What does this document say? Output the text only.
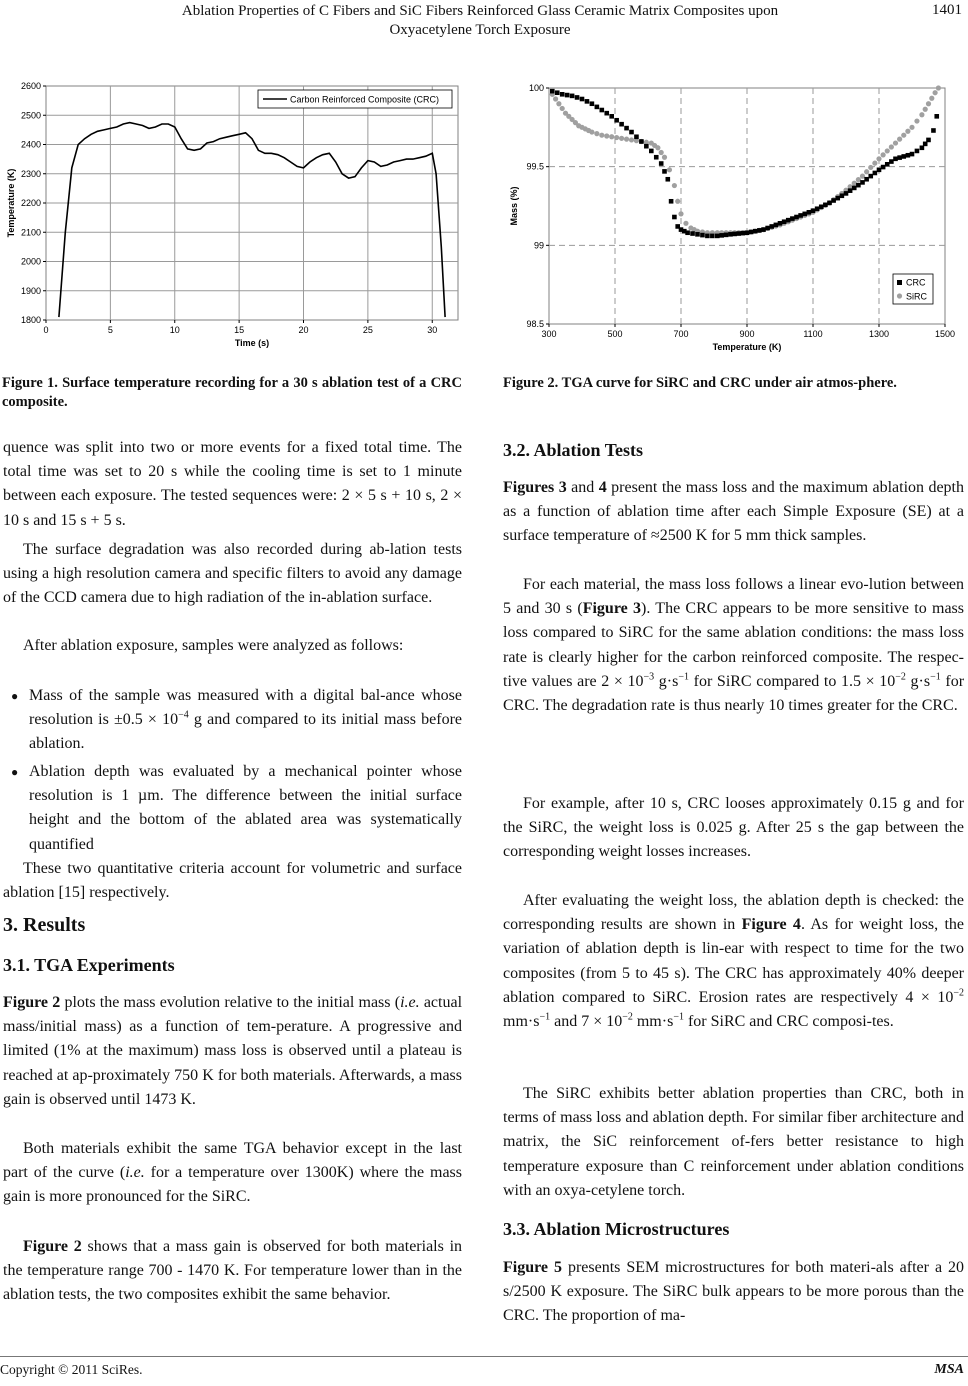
Ablation Properties of C Fibers and SiC Fibers Reinforced Glass Ceramic Matrix Composites upon
Oxyacetylene Torch Exposure
1401
1800
1900
2000
2100
2200
2300
2400
2500
2600
0	5	10	15	20	25	30
Time (s)
Temperature (K)
Carbon Reinforced Composite (CRC)
Figure 1. Surface temperature recording for a 30 s ablation test of a CRC composite.
98.5
99
99.5
100
300	500	700	900	1100	1300	1500
Temperature (K)
Mass (%)
CRC
SiRC
Figure 2. TGA curve for SiRC and CRC under air atmos-phere.
quence was split into two or more events for a fixed total time. The total time was set to 20 s while the cooling time is set to 1 minute between each exposure. The tested sequences were: 2 × 5 s + 10 s, 2 × 10 s and 15 s + 5 s.
The surface degradation was also recorded during ab-lation tests using a high resolution camera and specific filters to avoid any damage of the CCD camera due to high radiation of the in-ablation surface.
After ablation exposure, samples were analyzed as follows:
● Mass of the sample was measured with a digital bal-ance whose resolution is $\pm 0.5 \times 10^{-4}$ g and compared to its initial mass before ablation.
● Ablation depth was evaluated by a mechanical pointer whose resolution is 1 µm. The difference between the initial surface height and the bottom of the ablated area was systematically quantified
These two quantitative criteria account for volumetric and surface ablation [15] respectively.
3. Results
3.1. TGA Experiments
Figure 2 plots the mass evolution relative to the initial mass (i.e. actual mass/initial mass) as a function of tem-perature. A progressive and limited (1% at the maximum) mass loss is observed until a plateau is reached at ap-proximately 750 K for both materials. Afterwards, a mass gain is observed until 1473 K.
Both materials exhibit the same TGA behavior except in the last part of the curve (i.e. for a temperature over 1300K) where the mass gain is more pronounced for the SiRC.
Figure 2 shows that a mass gain is observed for both materials in the temperature range 700 - 1470 K. For temperature lower than in the ablation tests, the two composites exhibit the same behavior.
3.2. Ablation Tests
Figures 3 and 4 present the mass loss and the maximum ablation depth as a function of ablation time after each Simple Exposure (SE) at a surface temperature of ≈2500 K for 5 mm thick samples.
For each material, the mass loss follows a linear evo-lution between 5 and 30 s (Figure 3). The CRC appears to be more sensitive to mass loss compared to SiRC for the same ablation conditions: the mass loss rate is clearly higher for the carbon reinforced composite. The respec-tive values are $2 \times 10^{-3}$ $g\cdot s^{-1}$ for SiRC compared to $1.5 \times 10^{-2}$ $g\cdot s^{-1}$ for CRC. The degradation rate is thus nearly 10 times greater for the CRC.
For example, after 10 s, CRC looses approximately 0.15 g and for the SiRC, the weight loss is 0.025 g. After 25 s the gap between the corresponding weight losses increases.
After evaluating the weight loss, the ablation depth is checked: the corresponding results are shown in Figure 4. As for weight loss, the variation of ablation depth is lin-ear with respect to time for the two composites (from 5 to 45 s). The CRC has approximately 40% deeper ablation compared to SiRC. Erosion rates are respectively $4 \times 10^{-2}$ $mm\cdot s^{-1}$ and $7 \times 10^{-2}$ $mm\cdot s^{-1}$ for SiRC and CRC composi-tes.
The SiRC exhibits better ablation properties than CRC, both in terms of mass loss and ablation depth. For similar fiber architecture and matrix, the SiC reinforcement of-fers better resistance to high temperature exposure than C reinforcement under ablation conditions with an oxya-cetylene torch.
3.3. Ablation Microstructures
Figure 5 presents SEM microstructures for both materi-als after a 20 s/2500 K exposure. The SiRC bulk appears to be more porous than the CRC. The proportion of ma-
Copyright © 2011 SciRes.	MSA
